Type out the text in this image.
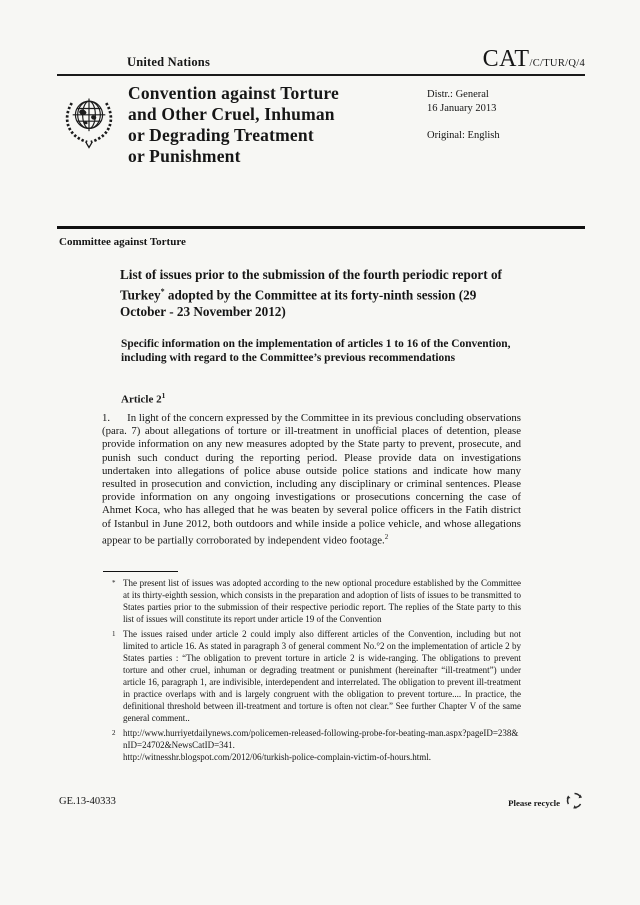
United Nations	CAT/C/TUR/Q/4
Convention against Torture
and Other Cruel, Inhuman
or Degrading Treatment
or Punishment
Distr.: General
16 January 2013
Original: English
Committee against Torture
List of issues prior to the submission of the fourth periodic report of Turkey* adopted by the Committee at its forty-ninth session (29 October - 23 November 2012)
Specific information on the implementation of articles 1 to 16 of the Convention, including with regard to the Committee’s previous recommendations
Article $2^1$
1. In light of the concern expressed by the Committee in its previous concluding observations (para. 7) about allegations of torture or ill-treatment in unofficial places of detention, please provide information on any new measures adopted by the State party to prevent, prosecute, and punish such conduct during the reporting period. Please provide data on investigations undertaken into allegations of police abuse outside police stations and indicate how many resulted in prosecution and conviction, including any disciplinary or criminal sentences. Please provide information on any ongoing investigations or prosecutions concerning the case of Ahmet Koca, who has alleged that he was beaten by several police officers in the Fatih district of Istanbul in June 2012, both outdoors and while inside a police vehicle, and whose allegations appear to be partially corroborated by independent video footage.$^2$
* The present list of issues was adopted according to the new optional procedure established by the Committee at its thirty-eighth session, which consists in the preparation and adoption of lists of issues to be transmitted to States parties prior to the submission of their respective periodic report. The replies of the State party to this list of issues will constitute its report under article 19 of the Convention
1 The issues raised under article 2 could imply also different articles of the Convention, including but not limited to article 16. As stated in paragraph 3 of general comment No.°2 on the implementation of article 2 by States parties : “The obligation to prevent torture in article 2 is wide-ranging. The obligations to prevent torture and other cruel, inhuman or degrading treatment or punishment (hereinafter “ill-treatment”) under article 16, paragraph 1, are indivisible, interdependent and interrelated. The obligation to prevent ill-treatment in practice overlaps with and is largely congruent with the obligation to prevent torture.... In practice, the definitional threshold between ill-treatment and torture is often not clear.” See further Chapter V of the same general comment..
2 http://www.hurriyetdailynews.com/policemen-released-following-probe-for-beating-man.aspx?pageID=238&nID=24702&NewsCatID=341.
http://witnesshr.blogspot.com/2012/06/turkish-police-complain-victim-of-hours.html.
GE.13-40333	Please recycle
